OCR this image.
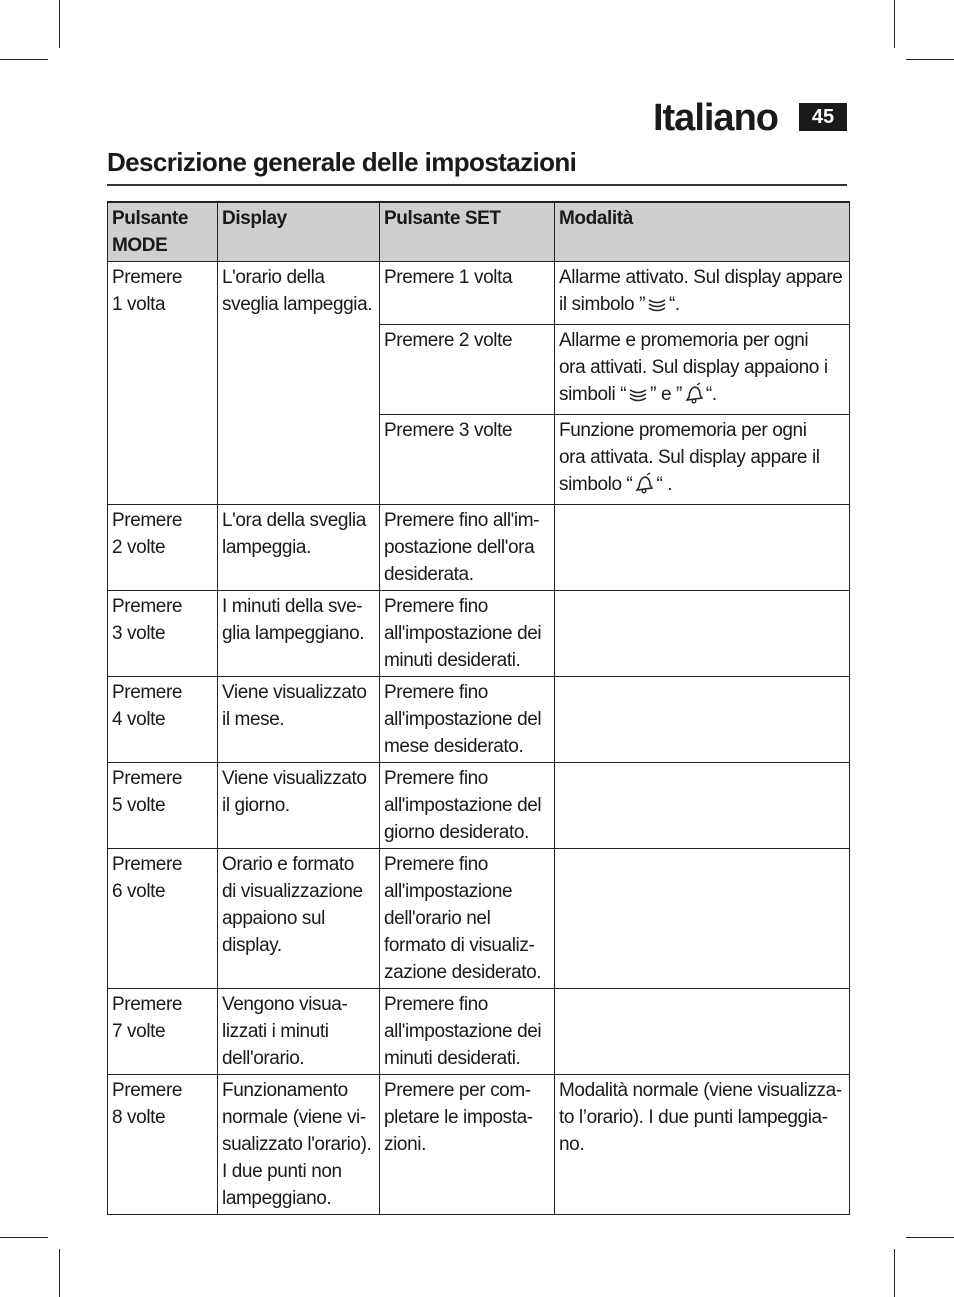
Italiano	45
Descrizione generale delle impostazioni
Pulsante
MODE	Display	Pulsante SET	Modalità

Premere
1 volta	L'orario della
sveglia lampeggia.	Premere 1 volta	Allarme attivato. Sul display appare
il simbolo ” “.

		Premere 2 volte	Allarme e promemoria per ogni
ora attivati. Sul display appaiono i
simboli “ ” e ” “.

		Premere 3 volte	Funzione promemoria per ogni
ora attivata. Sul display appare il
simbolo “ “ .

Premere
2 volte	L'ora della sveglia
lampeggia.	Premere fino all'im-
postazione dell'ora
desiderata.	

Premere
3 volte	I minuti della sve-
glia lampeggiano.	Premere fino
all'impostazione dei
minuti desiderati.	

Premere
4 volte	Viene visualizzato
il mese.	Premere fino
all'impostazione del
mese desiderato.	

Premere
5 volte	Viene visualizzato
il giorno.	Premere fino
all'impostazione del
giorno desiderato.	

Premere
6 volte	Orario e formato
di visualizzazione
appaiono sul
display.	Premere fino
all'impostazione
dell'orario nel
formato di visualiz-
zazione desiderato.	

Premere
7 volte	Vengono visua-
lizzati i minuti
dell'orario.	Premere fino
all'impostazione dei
minuti desiderati.	

Premere
8 volte	Funzionamento
normale (viene vi-
sualizzato l'orario).
I due punti non
lampeggiano.	Premere per com-
pletare le imposta-
zioni.	Modalità normale (viene visualizza-
to l’orario). I due punti lampeggia-
no.
